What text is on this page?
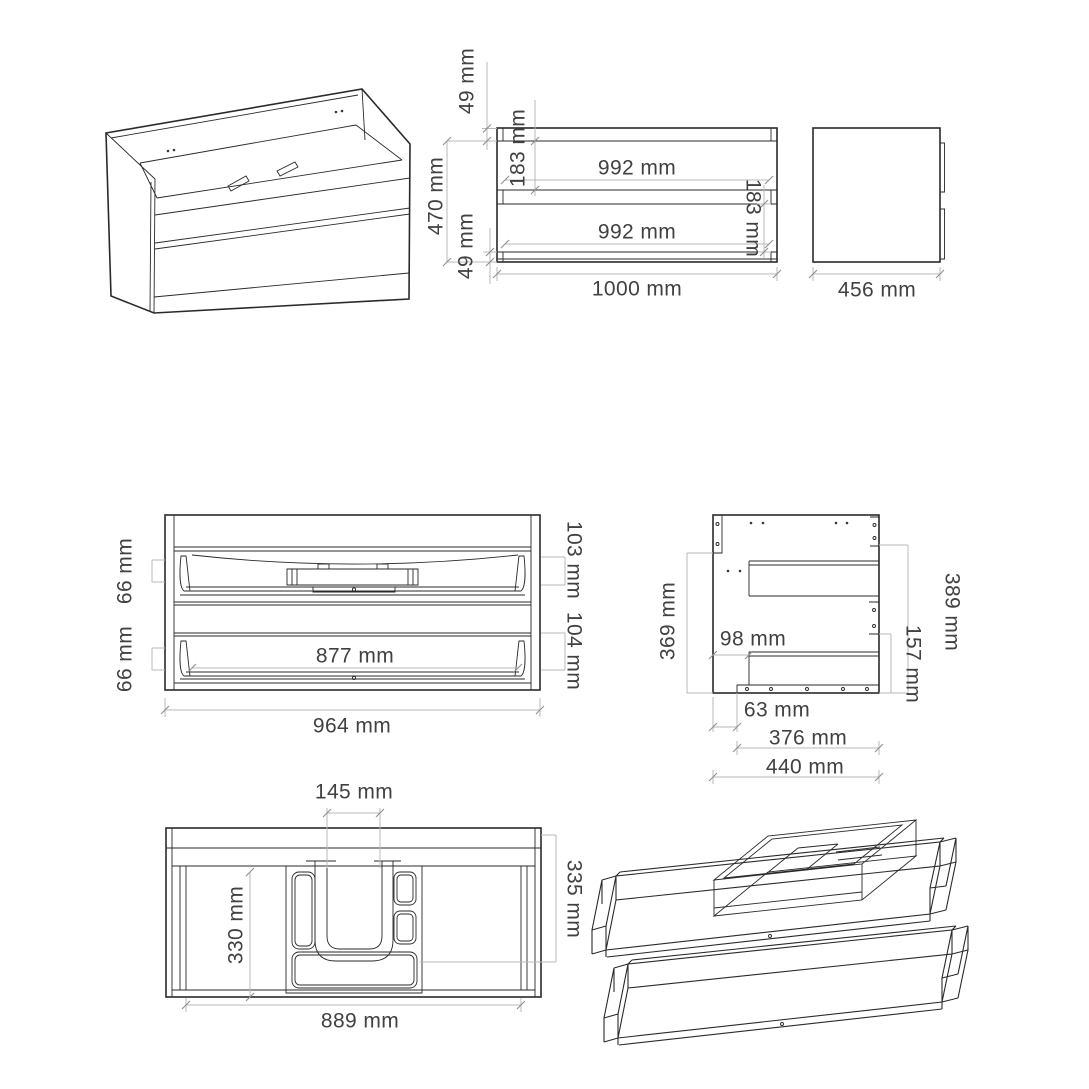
992 mm
992 mm
1000 mm
49 mm
183 mm
470 mm
49 mm	183 mm
456 mm
877 mm
964 mm
66 mm
66 mm
103 mm
104 mm	369 mm 98 mm
63 mm
376 mm
440 mm
389 mm
157 mm
145 mm
330 mm	335 mm
889 mm
